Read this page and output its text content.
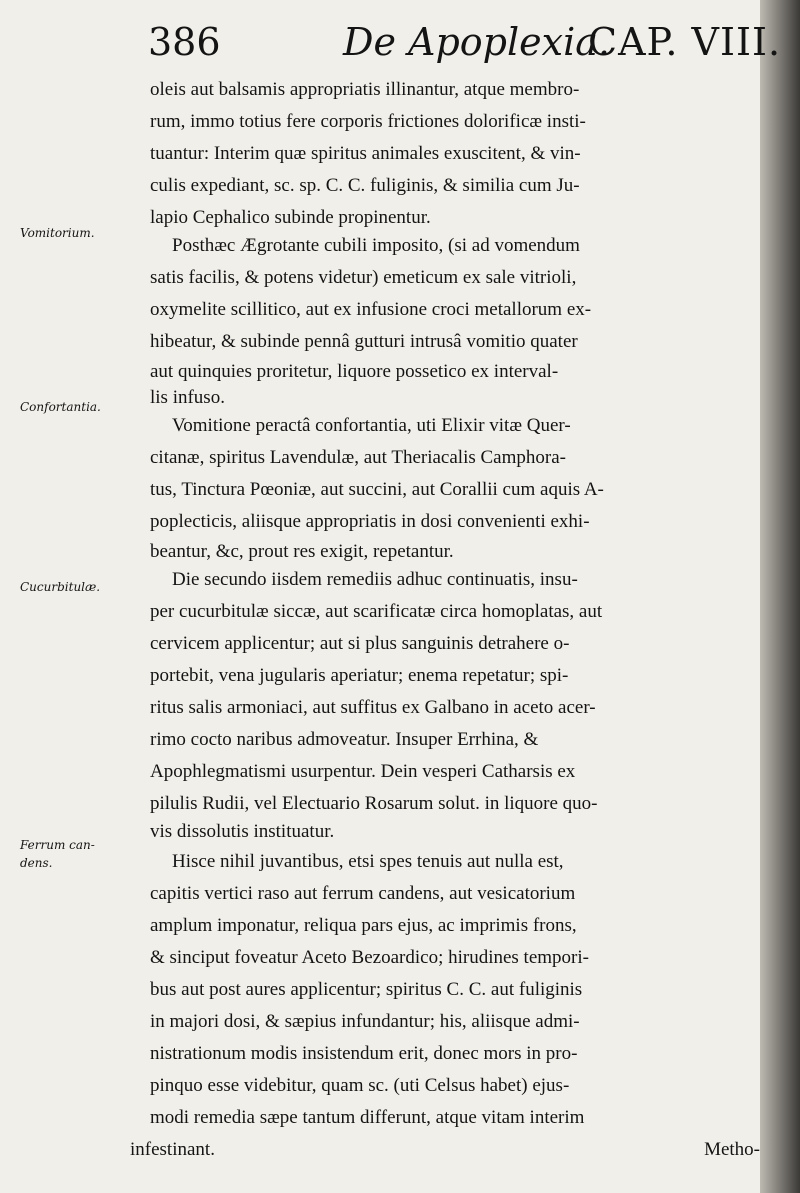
386	De Apoplexia.
CAP. VIII.
Vomitorium.
Confortantia.
Cucurbitulæ.
Ferrum can-
dens.
oleis aut balsamis appropriatis illinantur, atque membro-
rum, immo totius fere corporis frictiones dolorificæ insti-
tuantur: Interim quæ spiritus animales exuscitent, & vin-
culis expediant, sc. sp. C. C. fuliginis, & similia cum Ju-
lapio Cephalico subinde propinentur.
Posthæc Ægrotante cubili imposito, (si ad vomendum
satis facilis, & potens videtur) emeticum ex sale vitrioli,
oxymelite scillitico, aut ex infusione croci metallorum ex-
hibeatur, & subinde pennâ gutturi intrusâ vomitio quater
aut quinquies proritetur, liquore possetico ex interval-
lis infuso.
Vomitione peractâ confortantia, uti Elixir vitæ Quer-
citanæ, spiritus Lavendulæ, aut Theriacalis Camphora-
tus, Tinctura Pœoniæ, aut succini, aut Corallii cum aquis A-
poplecticis, aliisque appropriatis in dosi convenienti exhi-
beantur, &c, prout res exigit, repetantur.
Die secundo iisdem remediis adhuc continuatis, insu-
per cucurbitulæ siccæ, aut scarificatæ circa homoplatas, aut
cervicem applicentur; aut si plus sanguinis detrahere o-
portebit, vena jugularis aperiatur; enema repetatur; spi-
ritus salis armoniaci, aut suffitus ex Galbano in aceto acer-
rimo cocto naribus admoveatur. Insuper Errhina, &
Apophlegmatismi usurpentur. Dein vesperi Catharsis ex
pilulis Rudii, vel Electuario Rosarum solut. in liquore quo-
vis dissolutis instituatur.
Hisce nihil juvantibus, etsi spes tenuis aut nulla est,
capitis vertici raso aut ferrum candens, aut vesicatorium
amplum imponatur, reliqua pars ejus, ac imprimis frons,
& sinciput foveatur Aceto Bezoardico; hirudines tempori-
bus aut post aures applicentur; spiritus C. C. aut fuliginis
in majori dosi, & sæpius infundantur; his, aliisque admi-
nistrationum modis insistendum erit, donec mors in pro-
pinquo esse videbitur, quam sc. (uti Celsus habet) ejus-
modi remedia sæpe tantum differunt, atque vitam interim
infestinant.	Metho-
